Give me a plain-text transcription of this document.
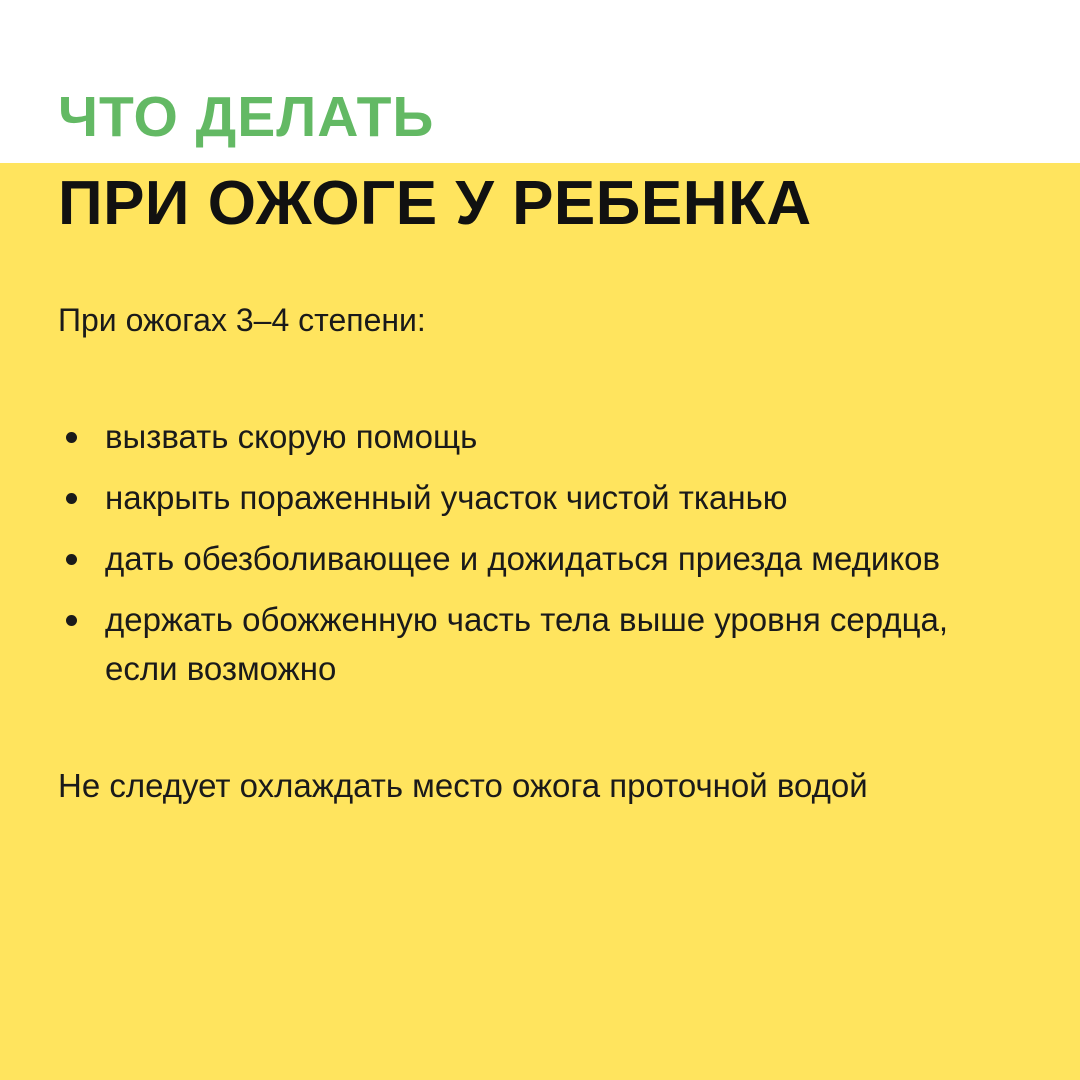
ЧТО ДЕЛАТЬ
ПРИ ОЖОГЕ У РЕБЕНКА

При ожогах 3–4 степени:

вызвать скорую помощь
накрыть пораженный участок чистой тканью
дать обезболивающее и дожидаться приезда медиков
держать обожженную часть тела выше уровня сердца, если возможно

Не следует охлаждать место ожога проточной водой
